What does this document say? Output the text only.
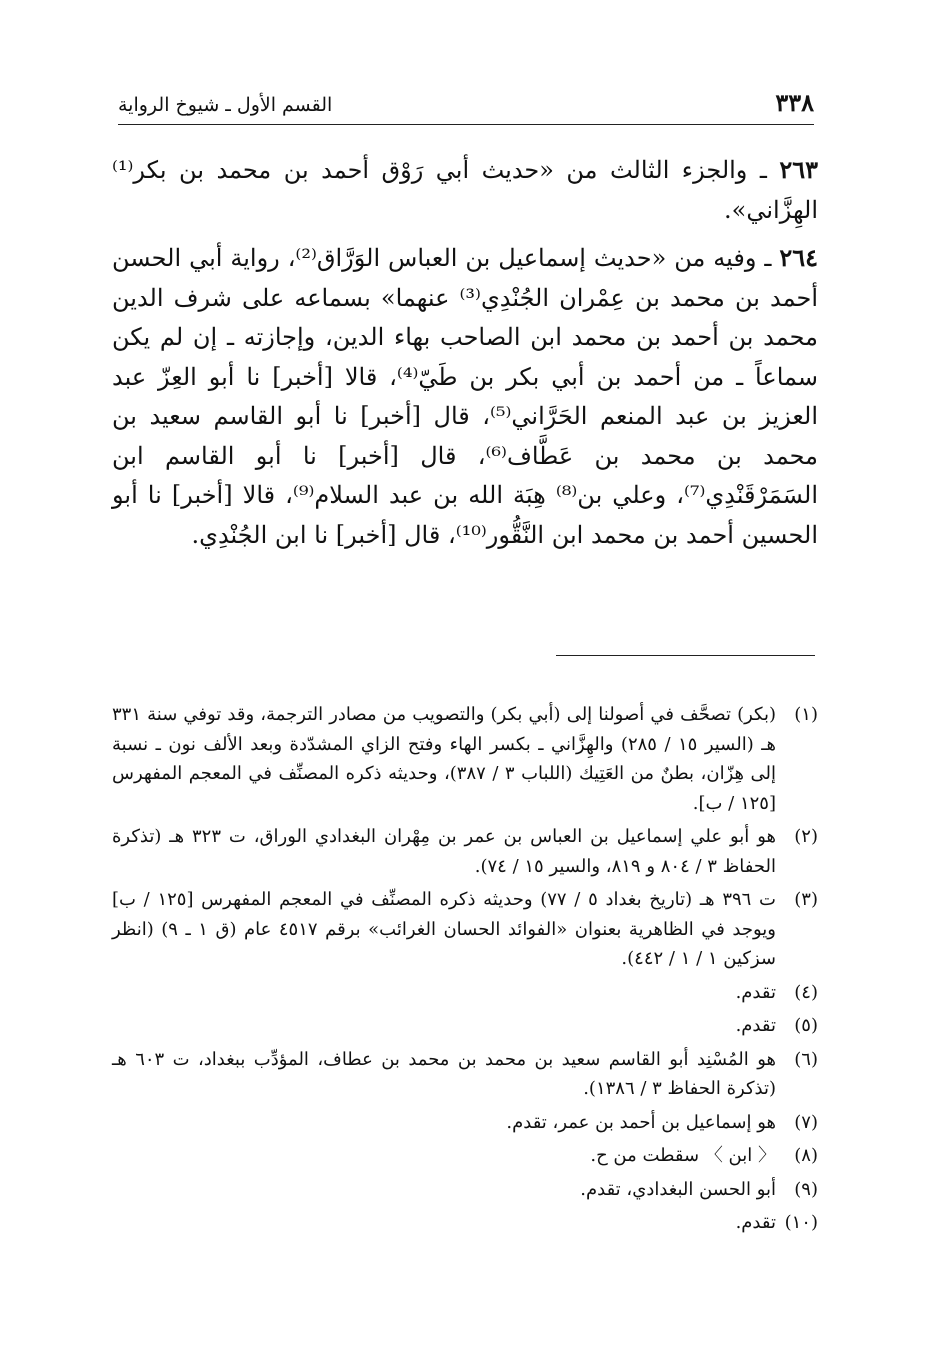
٣٣٨
القسم الأول ـ شيوخ الرواية

٢٦٣ ـ والجزء الثالث من «حديث أبي رَوْق أحمد بن محمد بن بكر⁽¹⁾ الهِزَّاني».

٢٦٤ ـ وفيه من «حديث إسماعيل بن العباس الوَرَّاق⁽²⁾، رواية أبي الحسن أحمد بن محمد بن عِمْران الجُنْدِي⁽³⁾ عنهما» بسماعه على شرف الدين محمد بن أحمد بن محمد ابن الصاحب بهاء الدين، وإجازته ـ إن لم يكن سماعاً ـ من أحمد بن أبي بكر بن طَيّ⁽⁴⁾، قالا [أخبر] نا أبو العِزّ عبد العزيز بن عبد المنعم الحَرَّاني⁽⁵⁾، قال [أخبر] نا أبو القاسم سعيد بن محمد بن محمد بن عَطَّاف⁽⁶⁾، قال [أخبر] نا أبو القاسم ابن السَمَرْقَنْدِي⁽⁷⁾، وعلي بن⁽⁸⁾ هِبَة الله بن عبد السلام⁽⁹⁾، قالا [أخبر] نا أبو الحسين أحمد بن محمد ابن النَّقُّور⁽¹⁰⁾، قال [أخبر] نا ابن الجُنْدِي.

(١)
(بكر) تصحَّف في أصولنا إلى (أبي بكر) والتصويب من مصادر الترجمة، وقد توفي سنة ٣٣١ هـ (السير ١٥ / ٢٨٥) والهِزَّاني ـ بكسر الهاء وفتح الزاي المشدّدة وبعد الألف نون ـ نسبة إلى هِزّان، بطنٌ من العَتِيك (اللباب ٣ / ٣٨٧)، وحديثه ذكره المصنِّف في المعجم المفهرس [١٢٥ / ب].
(٢)
هو أبو علي إسماعيل بن العباس بن عمر بن مِهْران البغدادي الوراق، ت ٣٢٣ هـ (تذكرة الحفاظ ٣ / ٨٠٤ و ٨١٩، والسير ١٥ / ٧٤).
(٣)
ت ٣٩٦ هـ (تاريخ بغداد ٥ / ٧٧) وحديثه ذكره المصنِّف في المعجم المفهرس [١٢٥ / ب] ويوجد في الظاهرية بعنوان «الفوائد الحسان الغرائب» برقم ٤٥١٧ عام (ق ١ ـ ٩) (انظر سزكين ١ / ١ / ٤٤٢).
(٤)
تقدم.
(٥)
تقدم.
(٦)
هو المُسْنِد أبو القاسم سعيد بن محمد بن محمد بن عطاف، المؤدِّب ببغداد، ت ٦٠٣ هـ (تذكرة الحفاظ ٣ / ١٣٨٦).
(٧)
هو إسماعيل بن أحمد بن عمر، تقدم.
(٨)
〈 ابن 〉 سقطت من ح.
(٩)
أبو الحسن البغدادي، تقدم.
(١٠)
تقدم.
